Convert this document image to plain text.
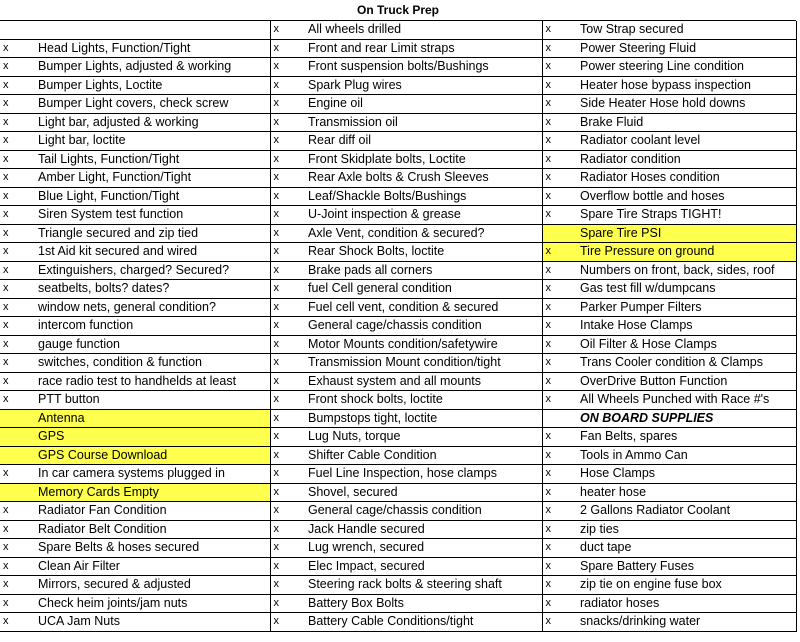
On Truck Prep
		x	All wheels drilled	x	Tow Strap secured
x	Head Lights, Function/Tight	x	Front and rear Limit straps	x	Power Steering Fluid
x	Bumper Lights, adjusted & working	x	Front suspension bolts/Bushings	x	Power steering Line condition
x	Bumper Lights, Loctite	x	Spark Plug wires	x	Heater hose bypass inspection
x	Bumper Light covers, check screw	x	Engine oil	x	Side Heater Hose hold downs
x	Light bar, adjusted & working	x	Transmission oil	x	Brake Fluid
x	Light bar, loctite	x	Rear diff oil	x	Radiator coolant level
x	Tail Lights, Function/Tight	x	Front Skidplate bolts, Loctite	x	Radiator condition
x	Amber Light, Function/Tight	x	Rear Axle bolts & Crush Sleeves	x	Radiator Hoses condition
x	Blue Light, Function/Tight	x	Leaf/Shackle Bolts/Bushings	x	Overflow bottle and hoses
x	Siren System test function	x	U-Joint inspection & grease	x	Spare Tire Straps TIGHT!
x	Triangle secured and zip tied	x	Axle Vent, condition & secured?		Spare Tire PSI
x	1st Aid kit secured and wired	x	Rear Shock Bolts, loctite	x	Tire Pressure on ground
x	Extinguishers, charged? Secured?	x	Brake pads all corners	x	Numbers on front, back, sides, roof
x	seatbelts, bolts? dates?	x	fuel Cell general condition	x	Gas test fill w/dumpcans
x	window nets, general condition?	x	Fuel cell vent, condition & secured	x	Parker Pumper Filters
x	intercom function	x	General cage/chassis condition	x	Intake Hose Clamps
x	gauge function	x	Motor Mounts condition/safetywire	x	Oil Filter & Hose Clamps
x	switches, condition & function	x	Transmission Mount condition/tight	x	Trans Cooler condition & Clamps
x	race radio test to handhelds at least	x	Exhaust system and all mounts	x	OverDrive Button Function
x	PTT button	x	Front shock bolts, loctite	x	All Wheels Punched with Race #'s
	Antenna	x	Bumpstops tight, loctite		ON BOARD SUPPLIES
	GPS	x	Lug Nuts, torque	x	Fan Belts, spares
	GPS Course Download	x	Shifter Cable Condition	x	Tools in Ammo Can
x	In car camera systems plugged in	x	Fuel Line Inspection, hose clamps	x	Hose Clamps
	Memory Cards Empty	x	Shovel, secured	x	heater hose
x	Radiator Fan Condition	x	General cage/chassis condition	x	2 Gallons Radiator Coolant
x	Radiator Belt Condition	x	Jack Handle secured	x	zip ties
x	Spare Belts & hoses secured	x	Lug wrench, secured	x	duct tape
x	Clean Air Filter	x	Elec Impact, secured	x	Spare Battery Fuses
x	Mirrors, secured & adjusted	x	Steering rack bolts & steering shaft	x	zip tie on engine fuse box
x	Check heim joints/jam nuts	x	Battery Box Bolts	x	radiator hoses
x	UCA Jam Nuts	x	Battery Cable Conditions/tight	x	snacks/drinking water
